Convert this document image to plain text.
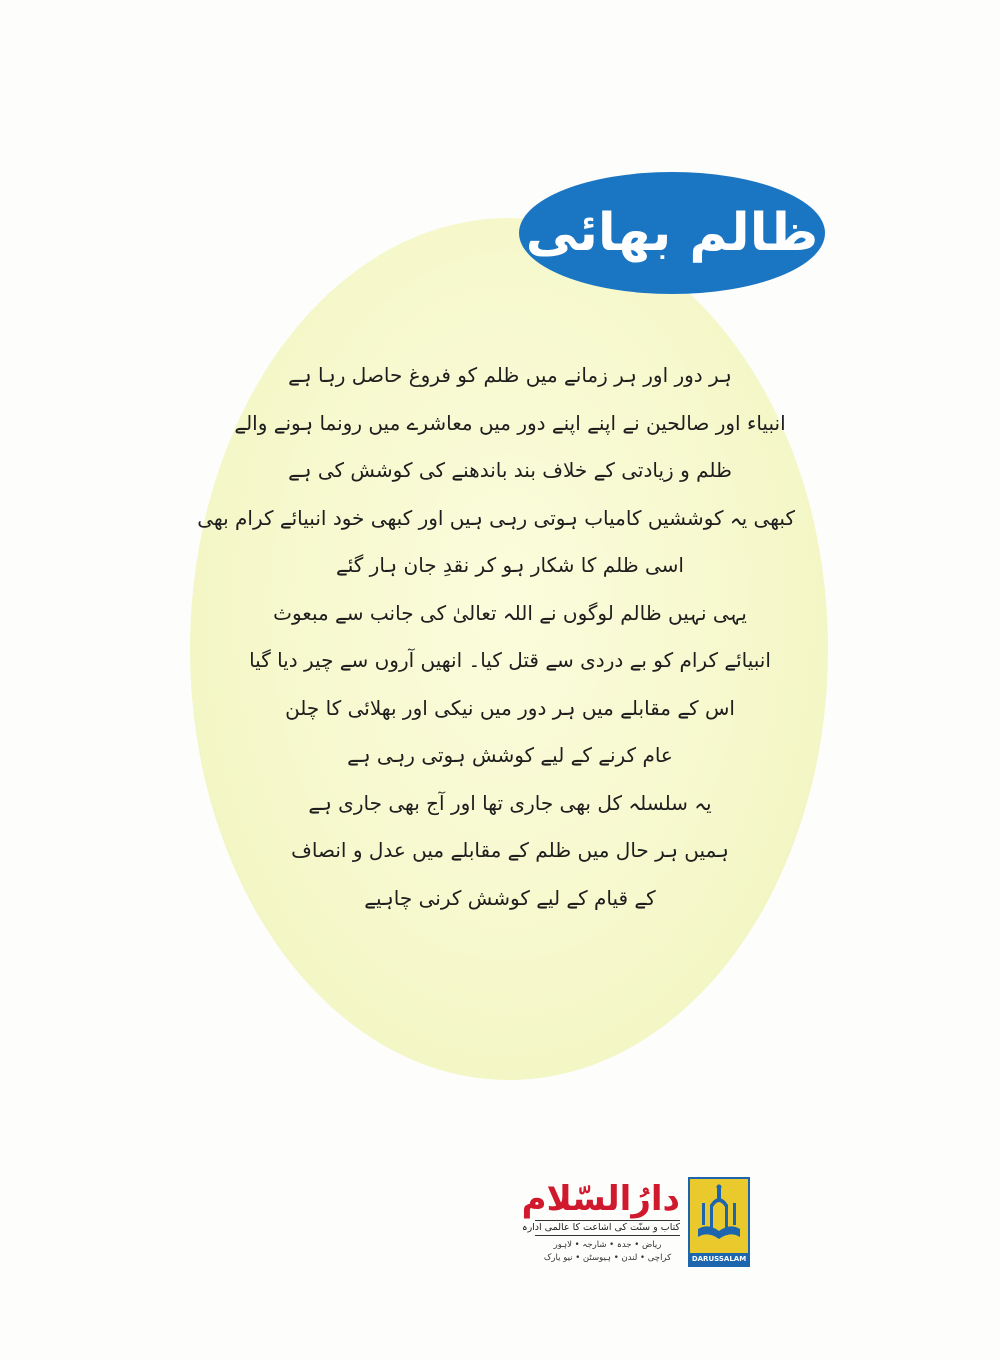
ظالم بھائی
ہر دور اور ہر زمانے میں ظلم کو فروغ حاصل رہا ہے
انبیاء اور صالحین نے اپنے اپنے دور میں معاشرے میں رونما ہونے والے
ظلم و زیادتی کے خلاف بند باندھنے کی کوشش کی ہے
کبھی یہ کوششیں کامیاب ہوتی رہی ہیں اور کبھی خود انبیائے کرام بھی
اسی ظلم کا شکار ہو کر نقدِ جان ہار گئے
یہی نہیں ظالم لوگوں نے اللہ تعالیٰ کی جانب سے مبعوث
انبیائے کرام کو بے دردی سے قتل کیا۔ انھیں آروں سے چیر دیا گیا
اس کے مقابلے میں ہر دور میں نیکی اور بھلائی کا چلن
عام کرنے کے لیے کوشش ہوتی رہی ہے
یہ سلسلہ کل بھی جاری تھا اور آج بھی جاری ہے
ہمیں ہر حال میں ظلم کے مقابلے میں عدل و انصاف
کے قیام کے لیے کوشش کرنی چاہیے
دارُالسّلام
کتاب و سنّت کی اشاعت کا عالمی ادارہ
ریاض • جدہ • شارجہ • لاہور
کراچی • لندن • ہیوسٹن • نیو یارک	DARUSSALAM
